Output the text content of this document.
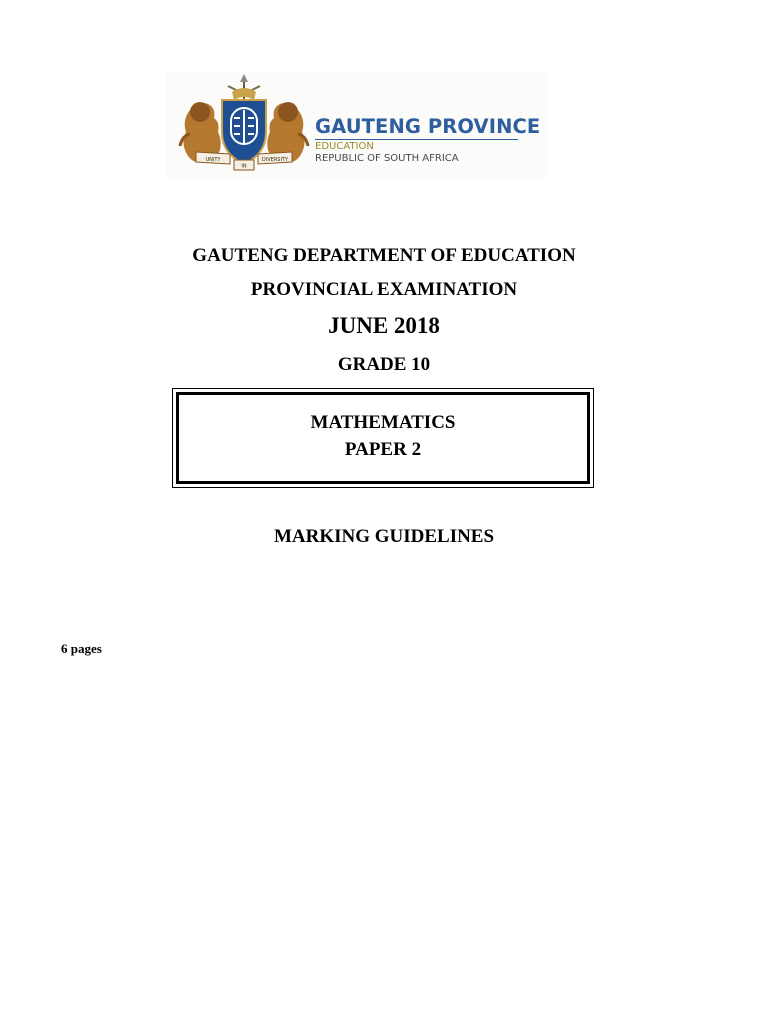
UNITY
IN
DIVERSITY
GAUTENG PROVINCE
EDUCATION
REPUBLIC OF SOUTH AFRICA
GAUTENG DEPARTMENT OF EDUCATION
PROVINCIAL EXAMINATION
JUNE 2018
GRADE 10
MATHEMATICS
PAPER 2
MARKING GUIDELINES
6 pages
